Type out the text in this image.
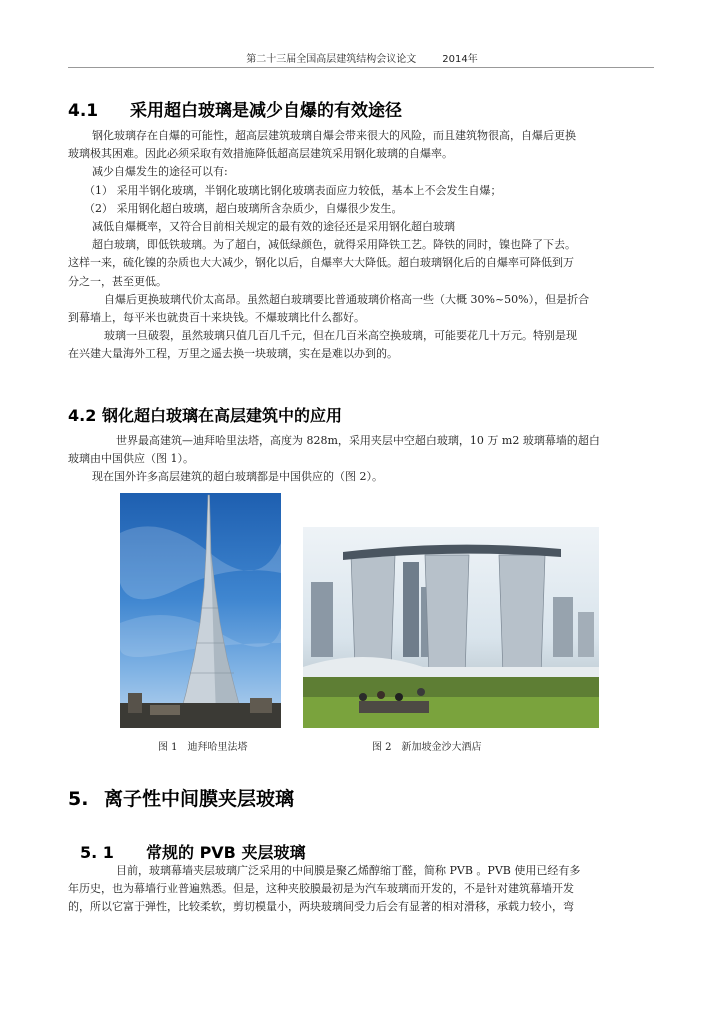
第二十三届全国高层建筑结构会议论文	2014年
4.1 采用超白玻璃是减少自爆的有效途径
钢化玻璃存在自爆的可能性，超高层建筑玻璃自爆会带来很大的风险，而且建筑物很高，自爆后更换
玻璃极其困难。因此必须采取有效措施降低超高层建筑采用钢化玻璃的自爆率。
减少自爆发生的途径可以有:
（1） 采用半钢化玻璃，半钢化玻璃比钢化玻璃表面应力较低，基本上不会发生自爆；
（2） 采用钢化超白玻璃，超白玻璃所含杂质少，自爆很少发生。
减低自爆概率，又符合目前相关规定的最有效的途径还是采用钢化超白玻璃
超白玻璃，即低铁玻璃。为了超白，减低绿颜色，就得采用降铁工艺。降铁的同时，镍也降了下去。
这样一来，硫化镍的杂质也大大减少，钢化以后，自爆率大大降低。超白玻璃钢化后的自爆率可降低到万
分之一，甚至更低。
自爆后更换玻璃代价太高昂。虽然超白玻璃要比普通玻璃价格高一些（大概 30%~50%），但是折合
到幕墙上，每平米也就贵百十来块钱。不爆玻璃比什么都好。
玻璃一旦破裂，虽然玻璃只值几百几千元，但在几百米高空换玻璃，可能要花几十万元。特别是现
在兴建大量海外工程，万里之遥去换一块玻璃，实在是难以办到的。
4.2 钢化超白玻璃在高层建筑中的应用
世界最高建筑—迪拜哈里法塔，高度为 828m，采用夹层中空超白玻璃，10 万 m2 玻璃幕墙的超白
玻璃由中国供应（图 1）。
现在国外许多高层建筑的超白玻璃都是中国供应的（图 2）。
图 1 迪拜哈里法塔	图 2 新加坡金沙大酒店
5. 离子性中间膜夹层玻璃
5. 1 常规的 PVB 夹层玻璃
目前，玻璃幕墙夹层玻璃广泛采用的中间膜是聚乙烯醇缩丁醛，简称 PVB 。PVB 使用已经有多
年历史，也为幕墙行业普遍熟悉。但是，这种夹胶膜最初是为汽车玻璃而开发的，不是针对建筑幕墙开发
的，所以它富于弹性，比较柔软，剪切模量小，两块玻璃间受力后会有显著的相对滑移，承载力较小，弯
